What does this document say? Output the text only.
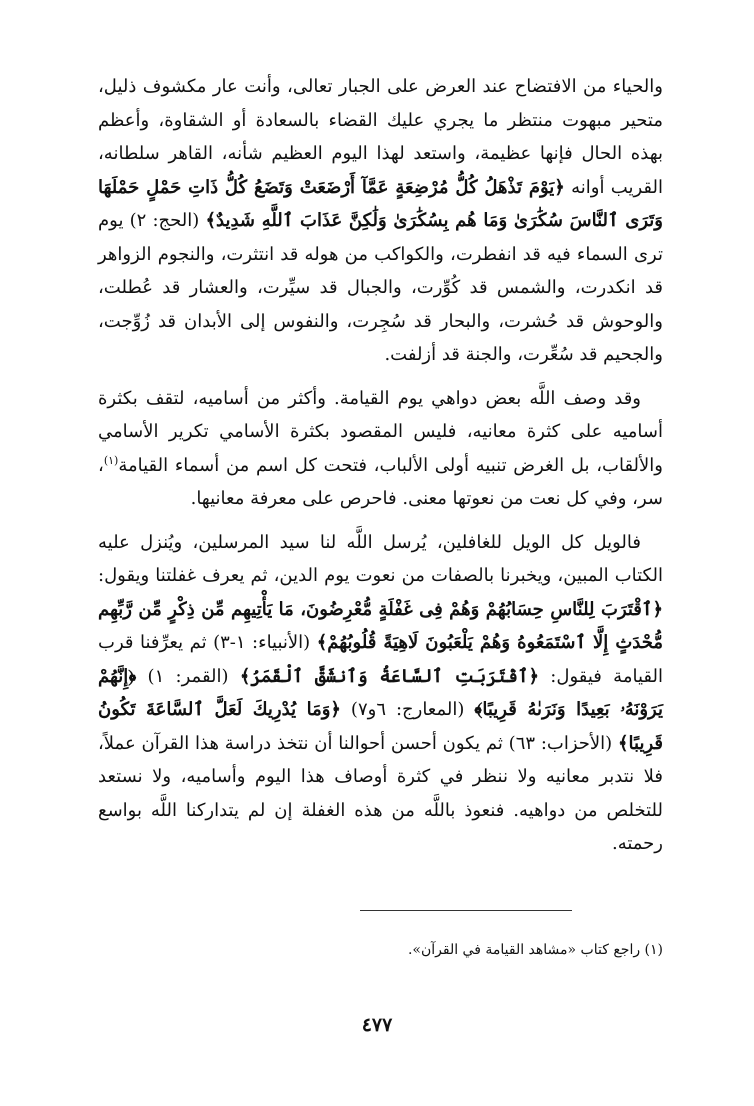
والحياء من الافتضاح عند العرض على الجبار تعالى، وأنت عار مكشوف ذليل، متحير مبهوت منتظر ما يجري عليك القضاء بالسعادة أو الشقاوة، وأعظم بهذه الحال فإنها عظيمة، واستعد لهذا اليوم العظيم شأنه، القاهر سلطانه، القريب أوانه ﴿يَوْمَ تَذْهَلُ كُلُّ مُرْضِعَةٍ عَمَّآ أَرْضَعَتْ وَتَضَعُ كُلُّ ذَاتِ حَمْلٍ حَمْلَهَا وَتَرَى ٱلنَّاسَ سُكَٰرَىٰ وَمَا هُم بِسُكَٰرَىٰ وَلَٰكِنَّ عَذَابَ ٱللَّهِ شَدِيدٌ﴾ (الحج: ٢) يوم ترى السماء فيه قد انفطرت، والكواكب من هوله قد انتثرت، والنجوم الزواهر قد انكدرت، والشمس قد كُوِّرت، والجبال قد سيِّرت، والعشار قد عُطلت، والوحوش قد حُشرت، والبحار قد سُجِرت، والنفوس إلى الأبدان قد زُوِّجت، والجحيم قد سُعِّرت، والجنة قد أزلفت.

وقد وصف اللَّه بعض دواهي يوم القيامة. وأكثر من أساميه، لتقف بكثرة أساميه على كثرة معانيه، فليس المقصود بكثرة الأسامي تكرير الأسامي والألقاب، بل الغرض تنبيه أولى الألباب، فتحت كل اسم من أسماء القيامة$^{(١)}$، سر، وفي كل نعت من نعوتها معنى. فاحرص على معرفة معانيها.

فالويل كل الويل للغافلين، يُرسل اللَّه لنا سيد المرسلين، ويُنزل عليه الكتاب المبين، ويخبرنا بالصفات من نعوت يوم الدين، ثم يعرف غفلتنا ويقول: ﴿ٱقْتَرَبَ لِلنَّاسِ حِسَابُهُمْ وَهُمْ فِى غَفْلَةٍ مُّعْرِضُونَ، مَا يَأْتِيهِم مِّن ذِكْرٍ مِّن رَّبِّهِم مُّحْدَثٍ إِلَّا ٱسْتَمَعُوهُ وَهُمْ يَلْعَبُونَ لَاهِيَةً قُلُوبُهُمْ﴾ (الأنبياء: ١-٣) ثم يعرِّفنا قرب القيامة فيقول: ﴿ٱقْتَرَبَتِ ٱلسَّاعَةُ وَٱنشَقَّ ٱلْقَمَرُ﴾ (القمر: ١) ﴿إِنَّهُمْ يَرَوْنَهُۥ بَعِيدًا وَنَرَىٰهُ قَرِيبًا﴾ (المعارج: ٦و٧) ﴿وَمَا يُدْرِيكَ لَعَلَّ ٱلسَّاعَةَ تَكُونُ قَرِيبًا﴾ (الأحزاب: ٦٣) ثم يكون أحسن أحوالنا أن نتخذ دراسة هذا القرآن عملاً، فلا نتدبر معانيه ولا ننظر في كثرة أوصاف هذا اليوم وأساميه، ولا نستعد للتخلص من دواهيه. فنعوذ باللَّه من هذه الغفلة إن لم يتداركنا اللَّه بواسع رحمته.

(١) راجع كتاب «مشاهد القيامة في القرآن».
٤٧٧
